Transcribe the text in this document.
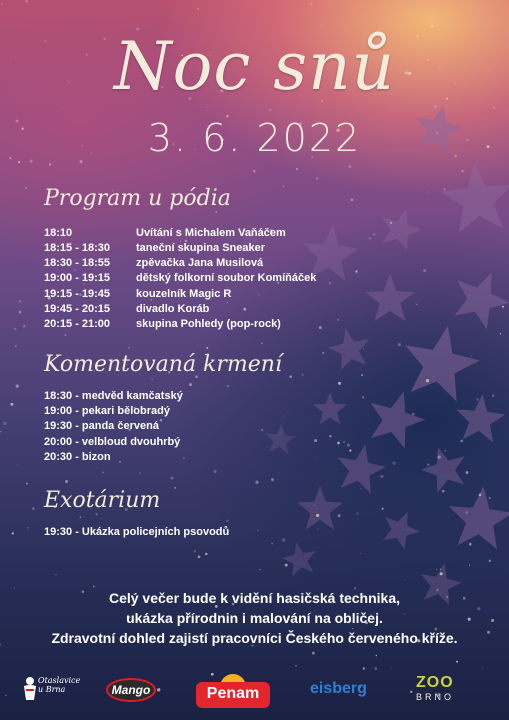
Noc snů
3. 6. 2022
Program u pódia
18:10	Uvítání s Michalem Vaňáčem
18:15 - 18:30 taneční skupina Sneaker
18:30 - 18:55 zpěvačka Jana Musilová
19:00 - 19:15 dětský folkorní soubor Komíňáček
19:15 - 19:45 kouzelník Magic R
19:45 - 20:15 divadlo Koráb
20:15 - 21:00 skupina Pohledy (pop-rock)
Komentovaná krmení
18:30 - medvěd kamčatský
19:00 - pekari bělobradý
19:30 - panda červená
20:00 - velbloud dvouhrbý
20:30 - bizon
Exotárium
19:30 - Ukázka policejních psovodů
Celý večer bude k vidění hasičská technika,
ukázka přírodnin i malování na obličej.
Zdravotní dohled zajistí pracovníci Českého červeného kříže.
Otaslavice u Brna	Mango	Penam	eisberg	ZOO
BRNO
